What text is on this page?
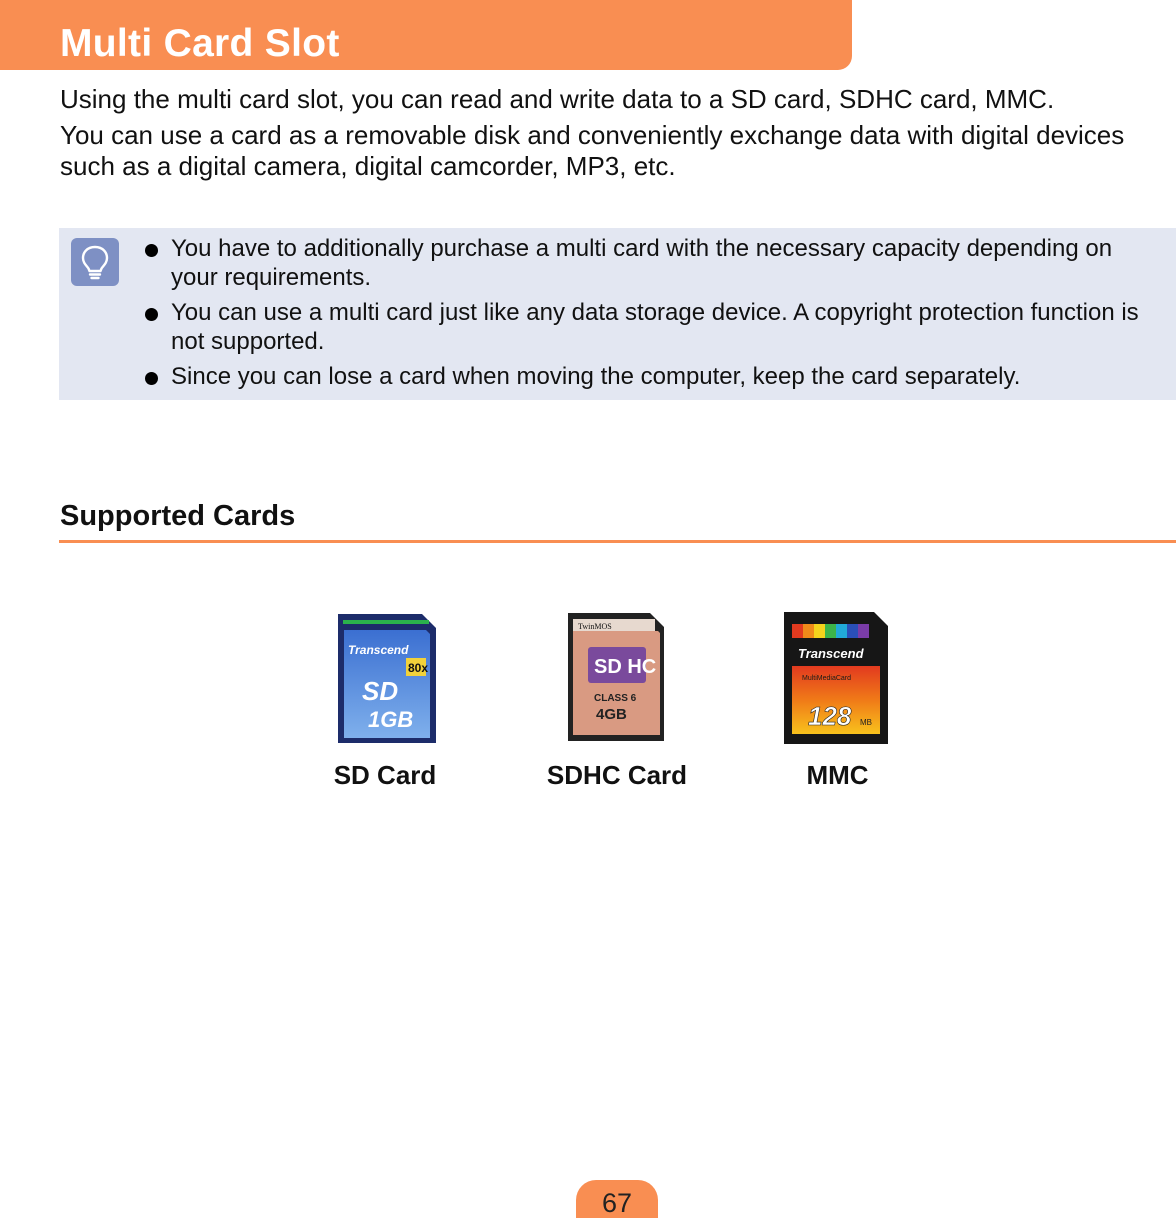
Multi Card Slot
Using the multi card slot, you can read and write data to a SD card, SDHC card, MMC.
You can use a card as a removable disk and conveniently exchange data with digital devices such as a digital camera, digital camcorder, MP3, etc.
You have to additionally purchase a multi card with the necessary capacity depending on your requirements.
You can use a multi card just like any data storage device. A copyright protection function is not supported.
Since you can lose a card when moving the computer, keep the card separately.
Supported Cards
Transcend
80x
SD
1GB
SD Card
TwinMOS
SD HC
CLASS 6
4GB
SDHC Card
Transcend
MultiMediaCard
128 MB
MMC
67
